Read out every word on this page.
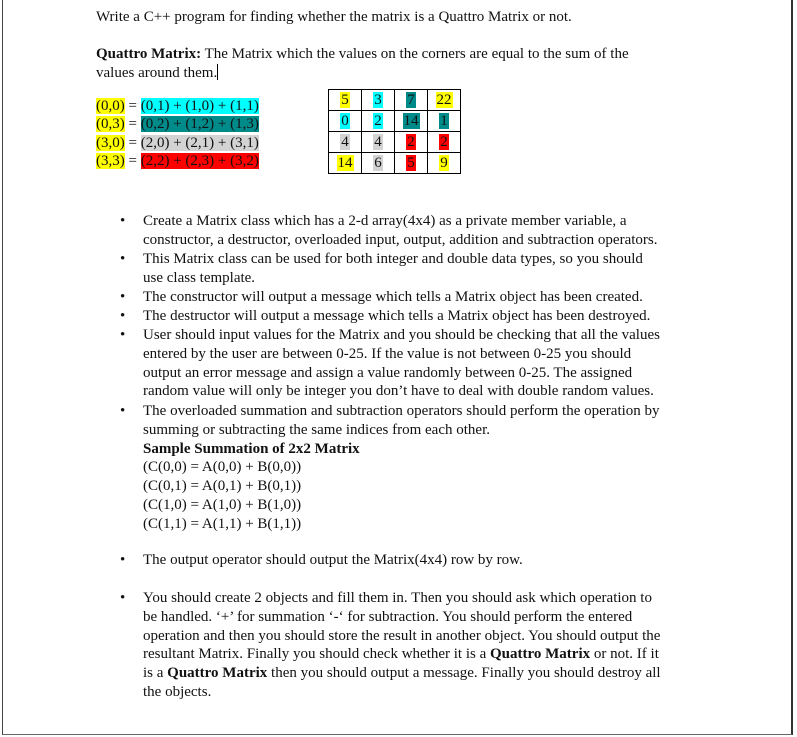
Write a C++ program for finding whether the matrix is a Quattro Matrix or not.
Quattro Matrix: The Matrix which the values on the corners are equal to the sum of the
values around them.
(0,0) = (0,1) + (1,0) + (1,1)
(0,3) = (0,2) + (1,2) + (1,3)
(3,0) = (2,0) + (2,1) + (3,1)
(3,3) = (2,2) + (2,3) + (3,2)
5	3	7	22
0	2	14	1
4	4	2	2
14	6	5	9
• Create a Matrix class which has a 2-d array(4x4) as a private member variable, a
constructor, a destructor, overloaded input, output, addition and subtraction operators.
• This Matrix class can be used for both integer and double data types, so you should
use class template.
• The constructor will output a message which tells a Matrix object has been created.
• The destructor will output a message which tells a Matrix object has been destroyed.
• User should input values for the Matrix and you should be checking that all the values
entered by the user are between 0-25. If the value is not between 0-25 you should
output an error message and assign a value randomly between 0-25. The assigned
random value will only be integer you don’t have to deal with double random values.
• The overloaded summation and subtraction operators should perform the operation by
summing or subtracting the same indices from each other.
Sample Summation of 2x2 Matrix
(C(0,0) = A(0,0) + B(0,0))
(C(0,1) = A(0,1) + B(0,1))
(C(1,0) = A(1,0) + B(1,0))
(C(1,1) = A(1,1) + B(1,1))
• The output operator should output the Matrix(4x4) row by row.
• You should create 2 objects and fill them in. Then you should ask which operation to
be handled. ‘+’ for summation ‘-‘ for subtraction. You should perform the entered
operation and then you should store the result in another object. You should output the
resultant Matrix. Finally you should check whether it is a Quattro Matrix or not. If it
is a Quattro Matrix then you should output a message. Finally you should destroy all
the objects.
